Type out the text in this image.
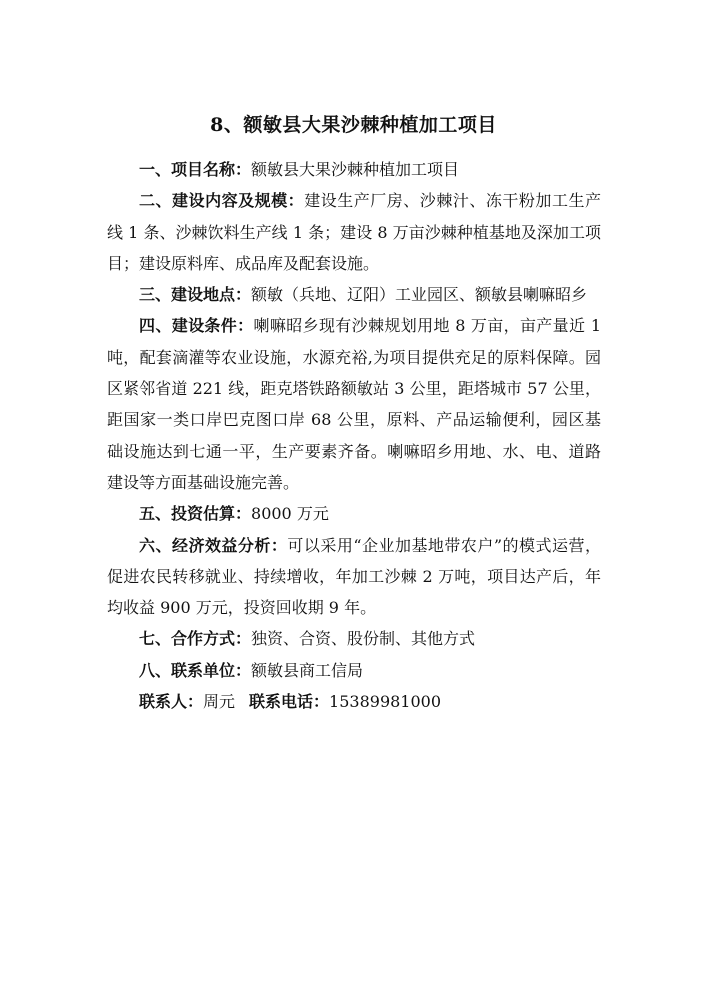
8、额敏县大果沙棘种植加工项目

一、项目名称：额敏县大果沙棘种植加工项目

二、建设内容及规模：建设生产厂房、沙棘汁、冻干粉加工生产线 1 条、沙棘饮料生产线 1 条；建设 8 万亩沙棘种植基地及深加工项目；建设原料库、成品库及配套设施。

三、建设地点：额敏（兵地、辽阳）工业园区、额敏县喇嘛昭乡

四、建设条件：喇嘛昭乡现有沙棘规划用地 8 万亩，亩产量近 1 吨，配套滴灌等农业设施，水源充裕,为项目提供充足的原料保障。园区紧邻省道 221 线，距克塔铁路额敏站 3 公里，距塔城市 57 公里，距国家一类口岸巴克图口岸 68 公里，原料、产品运输便利，园区基础设施达到七通一平，生产要素齐备。喇嘛昭乡用地、水、电、道路建设等方面基础设施完善。

五、投资估算：8000 万元

六、经济效益分析：可以采用“企业加基地带农户”的模式运营，促进农民转移就业、持续增收，年加工沙棘 2 万吨，项目达产后，年均收益 900 万元，投资回收期 9 年。

七、合作方式：独资、合资、股份制、其他方式

八、联系单位：额敏县商工信局

联系人：周元 联系电话：15389981000
